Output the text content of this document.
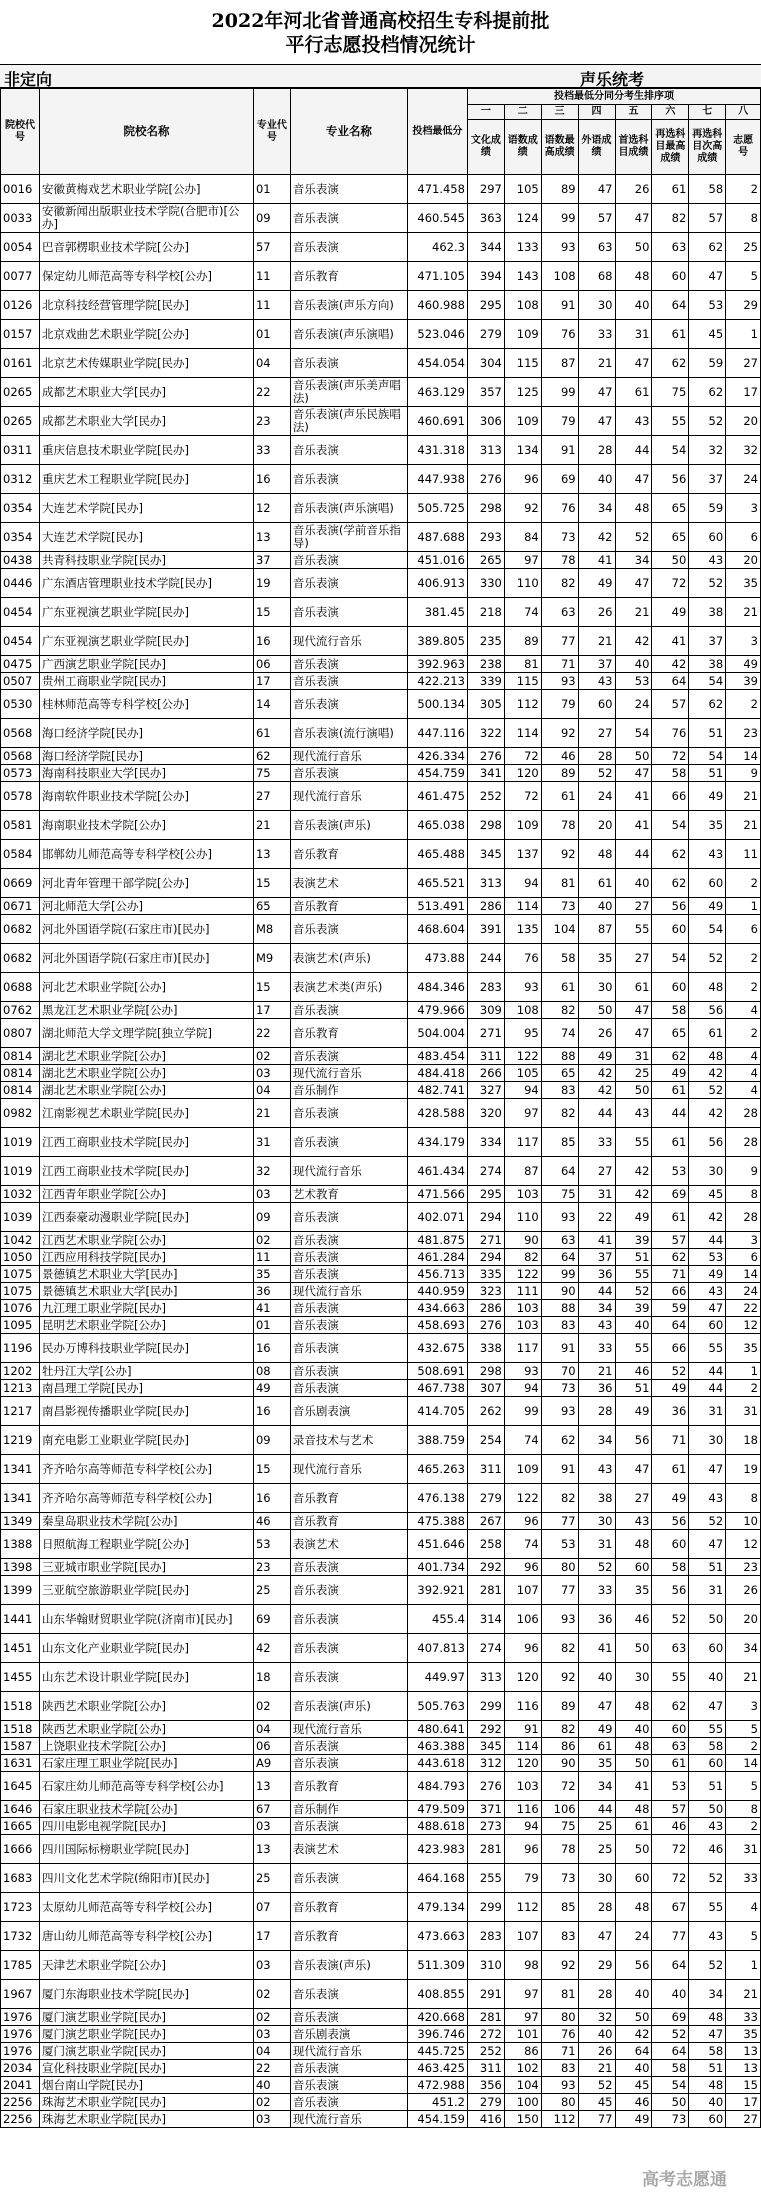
2022年河北省普通高校招生专科提前批
平行志愿投档情况统计
非定向	声乐统考
院校代号	院校名称	专业代号	专业名称	投档最低分	投档最低分同分考生排序项							
					一	二	三	四	五	六	七	八
					文化成绩	语数成绩	语数最高成绩	外语成绩	首选科目成绩	再选科目最高成绩	再选科目次高成绩	志愿号
0016	安徽黄梅戏艺术职业学院[公办]	01	音乐表演	471.458	297	105	89	47	26	61	58	2
0033	安徽新闻出版职业技术学院(合肥市)[公办]	09	音乐表演	460.545	363	124	99	57	47	82	57	8
0054	巴音郭楞职业技术学院[公办]	57	音乐表演	462.3	344	133	93	63	50	63	62	25
0077	保定幼儿师范高等专科学校[公办]	11	音乐教育	471.105	394	143	108	68	48	60	47	5
0126	北京科技经营管理学院[民办]	11	音乐表演(声乐方向)	460.988	295	108	91	30	40	64	53	29
0157	北京戏曲艺术职业学院[公办]	01	音乐表演(声乐演唱)	523.046	279	109	76	33	31	61	45	1
0161	北京艺术传媒职业学院[民办]	04	音乐表演	454.054	304	115	87	21	47	62	59	27
0265	成都艺术职业大学[民办]	22	音乐表演(声乐美声唱法)	463.129	357	125	99	47	61	75	62	17
0265	成都艺术职业大学[民办]	23	音乐表演(声乐民族唱法)	460.691	306	109	79	47	43	55	52	20
0311	重庆信息技术职业学院[民办]	33	音乐表演	431.318	313	134	91	28	44	54	32	32
0312	重庆艺术工程职业学院[民办]	16	音乐表演	447.938	276	96	69	40	47	56	37	24
0354	大连艺术学院[民办]	12	音乐表演(声乐演唱)	505.725	298	92	76	34	48	65	59	3
0354	大连艺术学院[民办]	13	音乐表演(学前音乐指导)	487.688	293	84	73	42	52	65	60	6
0438	共青科技职业学院[民办]	37	音乐表演	451.016	265	97	78	41	34	50	43	20
0446	广东酒店管理职业技术学院[民办]	19	音乐表演	406.913	330	110	82	49	47	72	52	35
0454	广东亚视演艺职业学院[民办]	15	音乐表演	381.45	218	74	63	26	21	49	38	21
0454	广东亚视演艺职业学院[民办]	16	现代流行音乐	389.805	235	89	77	21	42	41	37	3
0475	广西演艺职业学院[民办]	06	音乐表演	392.963	238	81	71	37	40	42	38	49
0507	贵州工商职业学院[民办]	17	音乐表演	422.213	339	115	93	43	53	64	54	39
0530	桂林师范高等专科学校[公办]	14	音乐表演	500.134	305	112	79	60	24	57	62	2
0568	海口经济学院[民办]	61	音乐表演(流行演唱)	447.116	322	114	92	27	54	76	51	23
0568	海口经济学院[民办]	62	现代流行音乐	426.334	276	72	46	28	50	72	54	14
0573	海南科技职业大学[民办]	75	音乐表演	454.759	341	120	89	52	47	58	51	9
0578	海南软件职业技术学院[公办]	27	现代流行音乐	461.475	252	72	61	24	41	66	49	21
0581	海南职业技术学院[公办]	21	音乐表演(声乐)	465.038	298	109	78	20	41	54	35	21
0584	邯郸幼儿师范高等专科学校[公办]	13	音乐教育	465.488	345	137	92	48	44	62	43	11
0669	河北青年管理干部学院[公办]	15	表演艺术	465.521	313	94	81	61	40	62	60	2
0671	河北师范大学[公办]	65	音乐教育	513.491	286	114	73	40	27	56	49	1
0682	河北外国语学院(石家庄市)[民办]	M8	音乐表演	468.604	391	135	104	87	55	60	54	6
0682	河北外国语学院(石家庄市)[民办]	M9	表演艺术(声乐)	473.88	244	76	58	35	27	54	52	2
0688	河北艺术职业学院[公办]	15	表演艺术类(声乐)	484.346	283	93	61	30	61	60	48	2
0762	黑龙江艺术职业学院[公办]	17	音乐表演	479.966	309	108	82	50	47	58	56	4
0807	湖北师范大学文理学院[独立学院]	22	音乐教育	504.004	271	95	74	26	47	65	61	2
0814	湖北艺术职业学院[公办]	02	音乐表演	483.454	311	122	88	49	31	62	48	4
0814	湖北艺术职业学院[公办]	03	现代流行音乐	484.418	266	105	65	42	25	49	42	4
0814	湖北艺术职业学院[公办]	04	音乐制作	482.741	327	94	83	42	50	61	52	4
0982	江南影视艺术职业学院[民办]	21	音乐表演	428.588	320	97	82	44	43	44	42	28
1019	江西工商职业技术学院[民办]	31	音乐表演	434.179	334	117	85	33	55	61	56	28
1019	江西工商职业技术学院[民办]	32	现代流行音乐	461.434	274	87	64	27	42	53	30	9
1032	江西青年职业学院[公办]	03	艺术教育	471.566	295	103	75	31	42	69	45	8
1039	江西泰豪动漫职业学院[民办]	09	音乐表演	402.071	294	110	93	22	49	61	42	28
1042	江西艺术职业学院[公办]	02	音乐表演	481.875	271	90	63	41	39	57	44	3
1050	江西应用科技学院[民办]	11	音乐表演	461.284	294	82	64	37	51	62	53	6
1075	景德镇艺术职业大学[民办]	35	音乐表演	456.713	335	122	99	36	55	71	49	14
1075	景德镇艺术职业大学[民办]	36	现代流行音乐	440.959	323	111	90	44	52	66	43	24
1076	九江理工职业学院[民办]	41	音乐表演	434.663	286	103	88	34	39	59	47	22
1095	昆明艺术职业学院[公办]	01	音乐表演	458.693	276	103	83	43	40	64	60	12
1196	民办万博科技职业学院[民办]	16	音乐表演	432.675	338	117	91	33	55	66	55	35
1202	牡丹江大学[公办]	08	音乐表演	508.691	298	93	70	21	46	52	44	1
1213	南昌理工学院[民办]	49	音乐表演	467.738	307	94	73	36	51	49	44	2
1217	南昌影视传播职业学院[民办]	16	音乐剧表演	414.705	262	99	93	28	49	36	31	31
1219	南充电影工业职业学院[民办]	09	录音技术与艺术	388.759	254	74	62	34	56	71	30	18
1341	齐齐哈尔高等师范专科学校[公办]	15	现代流行音乐	465.263	311	109	91	43	47	61	47	19
1341	齐齐哈尔高等师范专科学校[公办]	16	音乐教育	476.138	279	122	82	38	27	49	43	8
1349	秦皇岛职业技术学院[公办]	46	音乐教育	475.388	267	96	77	30	43	56	52	10
1388	日照航海工程职业学院[公办]	53	表演艺术	451.646	258	74	53	31	48	60	47	12
1398	三亚城市职业学院[民办]	23	音乐表演	401.734	292	96	80	52	60	58	51	23
1399	三亚航空旅游职业学院[民办]	25	音乐表演	392.921	281	107	77	33	35	56	31	26
1441	山东华翰财贸职业学院(济南市)[民办]	69	音乐表演	455.4	314	106	93	36	46	52	50	20
1451	山东文化产业职业学院[民办]	42	音乐表演	407.813	274	96	82	41	50	63	60	34
1455	山东艺术设计职业学院[民办]	18	音乐表演	449.97	313	120	92	40	30	55	40	21
1518	陕西艺术职业学院[公办]	02	音乐表演(声乐)	505.763	299	116	89	47	48	62	47	3
1518	陕西艺术职业学院[公办]	04	现代流行音乐	480.641	292	91	82	49	40	60	55	5
1587	上饶职业技术学院[公办]	06	音乐表演	463.388	345	114	86	61	48	63	58	2
1631	石家庄理工职业学院[民办]	A9	音乐表演	443.618	312	120	90	35	50	61	60	14
1645	石家庄幼儿师范高等专科学校[公办]	13	音乐教育	484.793	276	103	72	34	41	53	51	5
1646	石家庄职业技术学院[公办]	67	音乐制作	479.509	371	116	106	44	48	57	50	8
1665	四川电影电视学院[民办]	03	音乐表演	488.618	273	94	75	25	61	46	43	2
1666	四川国际标榜职业学院[民办]	13	表演艺术	423.983	281	96	78	25	50	72	46	31
1683	四川文化艺术学院(绵阳市)[民办]	25	音乐表演	464.168	255	79	73	30	60	72	52	33
1723	太原幼儿师范高等专科学校[公办]	07	音乐教育	479.134	299	112	85	28	48	67	55	4
1732	唐山幼儿师范高等专科学校[公办]	17	音乐教育	473.663	283	107	83	47	24	77	43	5
1785	天津艺术职业学院[公办]	03	音乐表演(声乐)	511.309	310	98	92	29	56	64	52	1
1967	厦门东海职业技术学院[民办]	02	音乐表演	408.855	291	97	81	28	40	40	34	21
1976	厦门演艺职业学院[民办]	02	音乐表演	420.668	281	97	80	32	50	69	48	33
1976	厦门演艺职业学院[民办]	03	音乐剧表演	396.746	272	101	76	40	42	52	47	35
1976	厦门演艺职业学院[民办]	04	现代流行音乐	445.725	252	86	71	26	64	64	58	13
2034	宣化科技职业学院[民办]	22	音乐表演	463.425	311	102	83	21	40	58	51	13
2041	烟台南山学院[民办]	40	音乐表演	472.988	356	104	93	52	45	54	48	15
2256	珠海艺术职业学院[民办]	02	音乐表演	451.2	279	100	80	45	46	50	40	17
2256	珠海艺术职业学院[民办]	03	现代流行音乐	454.159	416	150	112	77	49	73	60	27
高考志愿通
